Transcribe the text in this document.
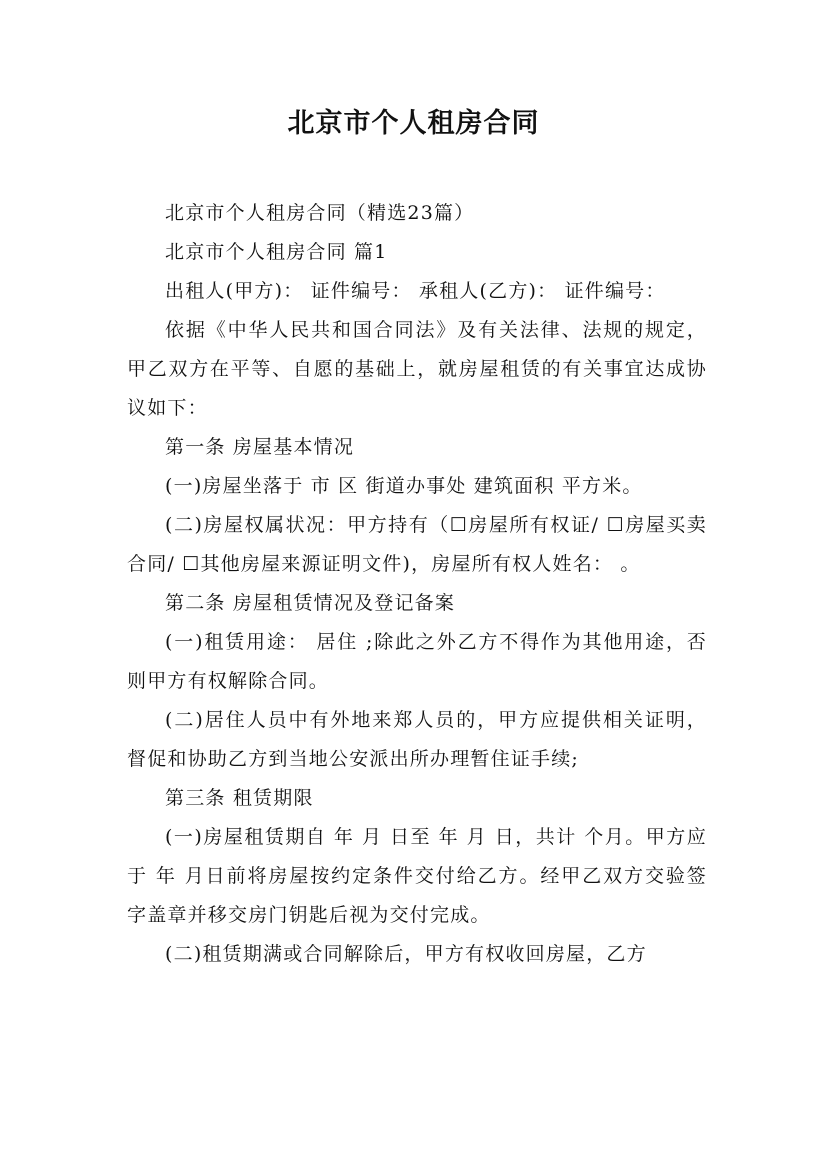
北京市个人租房合同

北京市个人租房合同（精选23篇）

北京市个人租房合同 篇1

出租人(甲方)： 证件编号： 承租人(乙方)： 证件编号：

依据《中华人民共和国合同法》及有关法律、法规的规定，甲乙双方在平等、自愿的基础上，就房屋租赁的有关事宜达成协议如下：

第一条 房屋基本情况

(一)房屋坐落于 市 区 街道办事处 建筑面积 平方米。

(二)房屋权属状况：甲方持有（☐房屋所有权证/ ☐房屋买卖合同/ ☐其他房屋来源证明文件)，房屋所有权人姓名： 。

第二条 房屋租赁情况及登记备案

(一)租赁用途： 居住 ;除此之外乙方不得作为其他用途，否则甲方有权解除合同。

(二)居住人员中有外地来郑人员的，甲方应提供相关证明，督促和协助乙方到当地公安派出所办理暂住证手续;

第三条 租赁期限

(一)房屋租赁期自 年 月 日至 年 月 日，共计 个月。甲方应于 年 月日前将房屋按约定条件交付给乙方。经甲乙双方交验签字盖章并移交房门钥匙后视为交付完成。

(二)租赁期满或合同解除后，甲方有权收回房屋，乙方
